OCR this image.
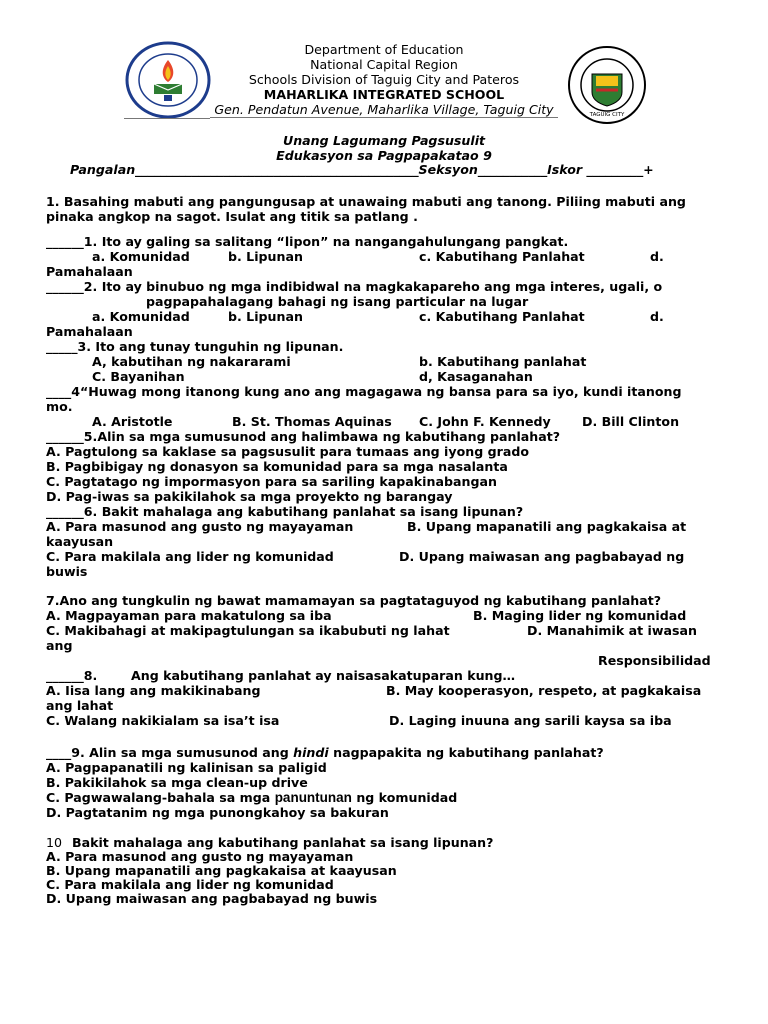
TAGUIG CITY
Department of Education
National Capital Region
Schools Division of Taguig City and Pateros
MAHARLIKA INTEGRATED SCHOOL
Gen. Pendatun Avenue, Maharlika Village, Taguig City
Unang Lagumang Pagsusulit
Edukasyon sa Pagpapakatao 9
Pangalan_____________________________________________Seksyon___________Iskor _________+
1. Basahing mabuti ang pangungusap at unawaing mabuti ang tanong. Piliing mabuti ang
pinaka angkop na sagot. Isulat ang titik sa patlang .
______1. Ito ay galing sa salitang “lipon” na nangangahulungang pangkat.
a. Komunidad	b. Lipunan	c. Kabutihang Panlahat	d.
Pamahalaan
______2. Ito ay binubuo ng mga indibidwal na magkakapareho ang mga interes, ugali, o
pagpapahalagang bahagi ng isang particular na lugar
a. Komunidad	b. Lipunan	c. Kabutihang Panlahat	d.
Pamahalaan
_____3. Ito ang tunay tunguhin ng lipunan.
A, kabutihan ng nakararami	b. Kabutihang panlahat
C. Bayanihan	d, Kasaganahan
____4“Huwag mong itanong kung ano ang magagawa ng bansa para sa iyo, kundi itanong
mo.
A. Aristotle	B. St. Thomas Aquinas C. John F. Kennedy D. Bill Clinton
______5.Alin sa mga sumusunod ang halimbawa ng kabutihang panlahat?
A. Pagtulong sa kaklase sa pagsusulit para tumaas ang iyong grado
B. Pagbibigay ng donasyon sa komunidad para sa mga nasalanta
C. Pagtatago ng impormasyon para sa sariling kapakinabangan
D. Pag-iwas sa pakikilahok sa mga proyekto ng barangay
______6. Bakit mahalaga ang kabutihang panlahat sa isang lipunan?
A. Para masunod ang gusto ng mayayaman	B. Upang mapanatili ang pagkakaisa at
kaayusan
C. Para makilala ang lider ng komunidad	D. Upang maiwasan ang pagbabayad ng
buwis
7.Ano ang tungkulin ng bawat mamamayan sa pagtataguyod ng kabutihang panlahat?
A. Magpayaman para makatulong sa iba	B. Maging lider ng komunidad
C. Makibahagi at makipagtulungan sa ikabubuti ng lahat	D. Manahimik at iwasan
ang
Responsibilidad
______8.	Ang kabutihang panlahat ay naisasakatuparan kung…
A. Iisa lang ang makikinabang	B. May kooperasyon, respeto, at pagkakaisa
ang lahat
C. Walang nakikialam sa isa’t isa	D. Laging inuuna ang sarili kaysa sa iba
____9. Alin sa mga sumusunod ang hindi nagpapakita ng kabutihang panlahat?
A. Pagpapanatili ng kalinisan sa paligid
B. Pakikilahok sa mga clean-up drive
C. Pagwawalang-bahala sa mga panuntunan ng komunidad
D. Pagtatanim ng mga punongkahoy sa bakuran
10 Bakit mahalaga ang kabutihang panlahat sa isang lipunan?
A. Para masunod ang gusto ng mayayaman
B. Upang mapanatili ang pagkakaisa at kaayusan
C. Para makilala ang lider ng komunidad
D. Upang maiwasan ang pagbabayad ng buwis
